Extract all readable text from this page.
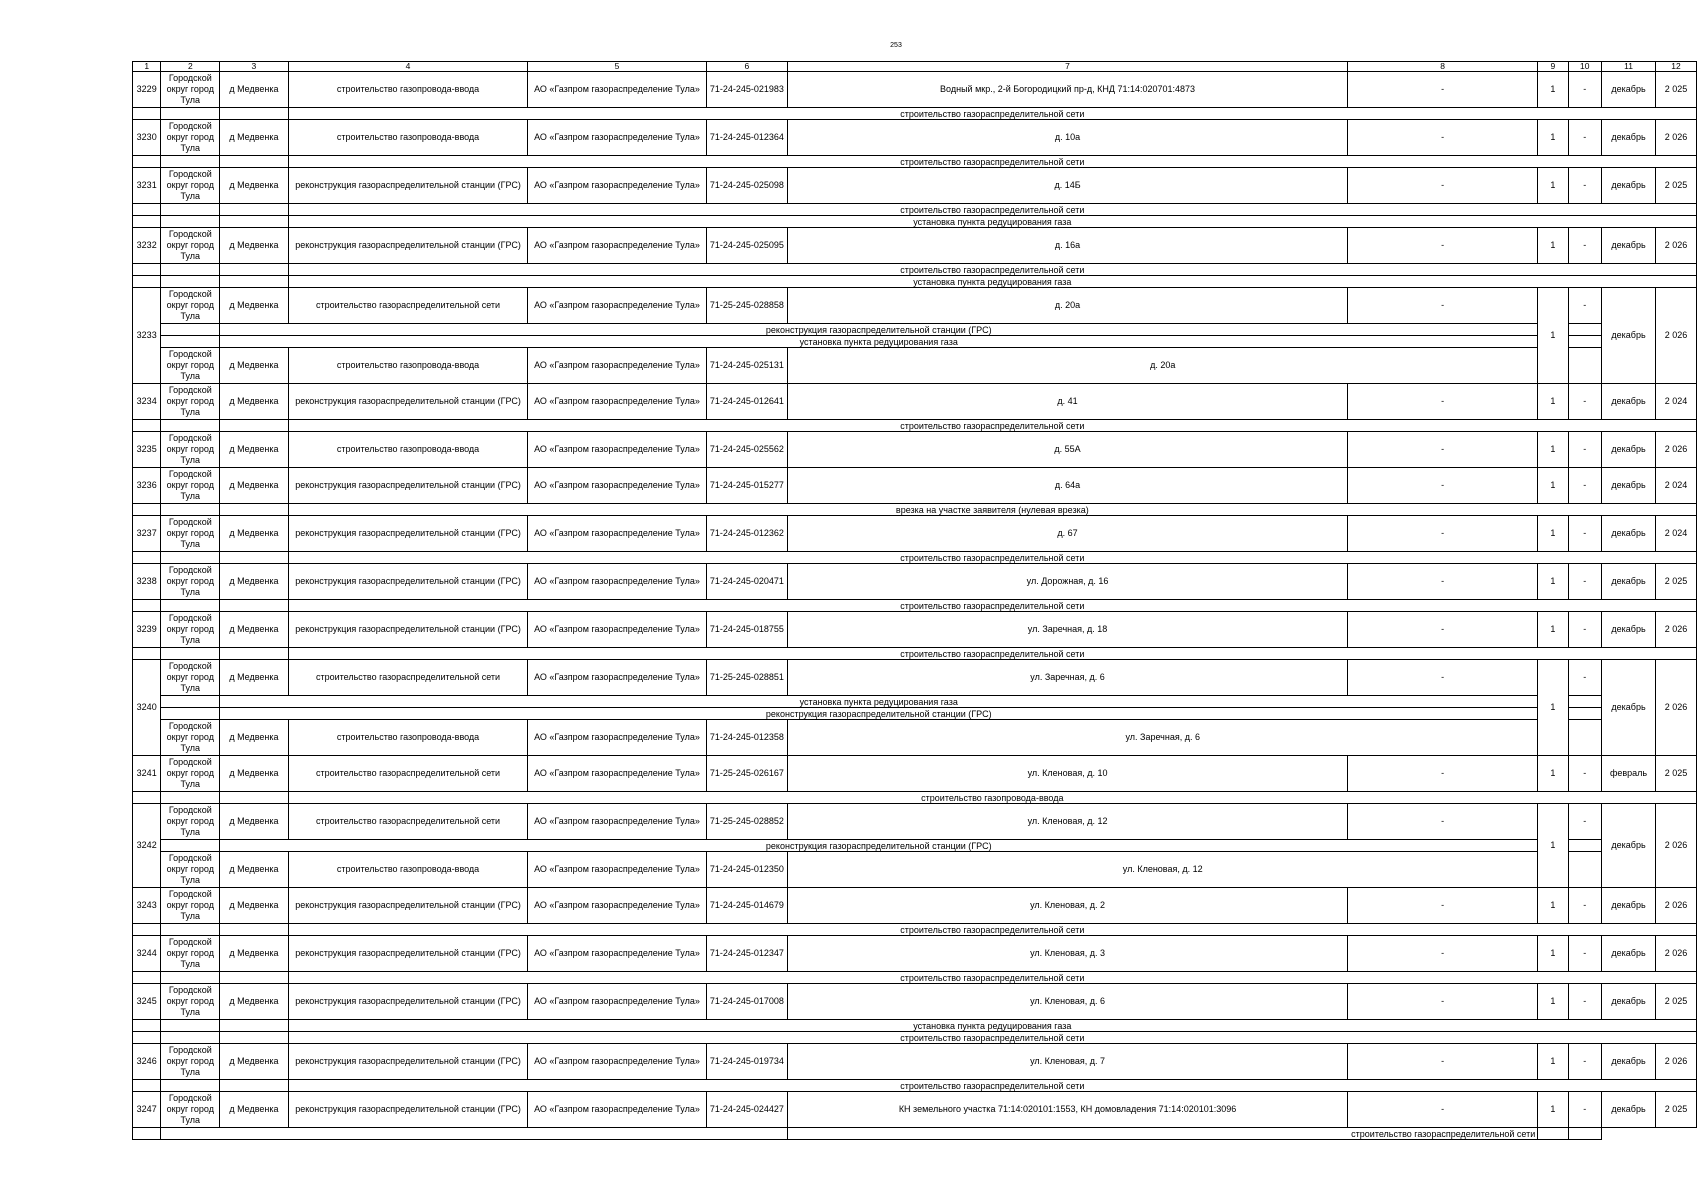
253
1	2	3	4	5	6	7	8	9	10	11	12
3229	Городской округ город Тула	д Медвенка	строительство газопровода-ввода	АО «Газпром газораспределение Тула»	71-24-245-021983	Водный мкр., 2-й Богородицкий пр-д, КНД 71:14:020701:4873	-	1	-	декабрь	2 025
			строительство газораспределительной сети								
3230	Городской округ город Тула	д Медвенка	строительство газопровода-ввода	АО «Газпром газораспределение Тула»	71-24-245-012364	д. 10а	-	1	-	декабрь	2 026
			строительство газораспределительной сети								
3231	Городской округ город Тула	д Медвенка	реконструкция газораспределительной станции (ГРС)	АО «Газпром газораспределение Тула»	71-24-245-025098	д. 14Б	-	1	-	декабрь	2 025
			строительство газораспределительной сети								
			установка пункта редуцирования газа								
3232	Городской округ город Тула	д Медвенка	реконструкция газораспределительной станции (ГРС)	АО «Газпром газораспределение Тула»	71-24-245-025095	д. 16а	-	1	-	декабрь	2 026
			строительство газораспределительной сети								
			установка пункта редуцирования газа								
3233	Городской округ город Тула	д Медвенка	строительство газораспределительной сети	АО «Газпром газораспределение Тула»	71-25-245-028858	д. 20а	-	1	-	декабрь	2 026
		реконструкция газораспределительной станции (ГРС)									
		установка пункта редуцирования газа									
	Городской округ город Тула	д Медвенка	строительство газопровода-ввода	АО «Газпром газораспределение Тула»	71-24-245-025131	д. 20а					
3234	Городской округ город Тула	д Медвенка	реконструкция газораспределительной станции (ГРС)	АО «Газпром газораспределение Тула»	71-24-245-012641	д. 41	-	1	-	декабрь	2 024
			строительство газораспределительной сети								
3235	Городской округ город Тула	д Медвенка	строительство газопровода-ввода	АО «Газпром газораспределение Тула»	71-24-245-025562	д. 55А	-	1	-	декабрь	2 026
3236	Городской округ город Тула	д Медвенка	реконструкция газораспределительной станции (ГРС)	АО «Газпром газораспределение Тула»	71-24-245-015277	д. 64а	-	1	-	декабрь	2 024
			врезка на участке заявителя (нулевая врезка)								
3237	Городской округ город Тула	д Медвенка	реконструкция газораспределительной станции (ГРС)	АО «Газпром газораспределение Тула»	71-24-245-012362	д. 67	-	1	-	декабрь	2 024
			строительство газораспределительной сети								
3238	Городской округ город Тула	д Медвенка	реконструкция газораспределительной станции (ГРС)	АО «Газпром газораспределение Тула»	71-24-245-020471	ул. Дорожная, д. 16	-	1	-	декабрь	2 025
			строительство газораспределительной сети								
3239	Городской округ город Тула	д Медвенка	реконструкция газораспределительной станции (ГРС)	АО «Газпром газораспределение Тула»	71-24-245-018755	ул. Заречная, д. 18	-	1	-	декабрь	2 026
			строительство газораспределительной сети								
3240	Городской округ город Тула	д Медвенка	строительство газораспределительной сети	АО «Газпром газораспределение Тула»	71-25-245-028851	ул. Заречная, д. 6	-	1	-	декабрь	2 026
		установка пункта редуцирования газа									
		реконструкция газораспределительной станции (ГРС)									
	Городской округ город Тула	д Медвенка	строительство газопровода-ввода	АО «Газпром газораспределение Тула»	71-24-245-012358	ул. Заречная, д. 6					
3241	Городской округ город Тула	д Медвенка	строительство газораспределительной сети	АО «Газпром газораспределение Тула»	71-25-245-026167	ул. Кленовая, д. 10	-	1	-	февраль	2 025
			строительство газопровода-ввода								
3242	Городской округ город Тула	д Медвенка	строительство газораспределительной сети	АО «Газпром газораспределение Тула»	71-25-245-028852	ул. Кленовая, д. 12	-	1	-	декабрь	2 026
		реконструкция газораспределительной станции (ГРС)									
	Городской округ город Тула	д Медвенка	строительство газопровода-ввода	АО «Газпром газораспределение Тула»	71-24-245-012350	ул. Кленовая, д. 12					
3243	Городской округ город Тула	д Медвенка	реконструкция газораспределительной станции (ГРС)	АО «Газпром газораспределение Тула»	71-24-245-014679	ул. Кленовая, д. 2	-	1	-	декабрь	2 026
			строительство газораспределительной сети								
3244	Городской округ город Тула	д Медвенка	реконструкция газораспределительной станции (ГРС)	АО «Газпром газораспределение Тула»	71-24-245-012347	ул. Кленовая, д. 3	-	1	-	декабрь	2 026
			строительство газораспределительной сети								
3245	Городской округ город Тула	д Медвенка	реконструкция газораспределительной станции (ГРС)	АО «Газпром газораспределение Тула»	71-24-245-017008	ул. Кленовая, д. 6	-	1	-	декабрь	2 025
			установка пункта редуцирования газа								
			строительство газораспределительной сети								
3246	Городской округ город Тула	д Медвенка	реконструкция газораспределительной станции (ГРС)	АО «Газпром газораспределение Тула»	71-24-245-019734	ул. Кленовая, д. 7	-	1	-	декабрь	2 026
			строительство газораспределительной сети								
3247	Городской округ город Тула	д Медвенка	реконструкция газораспределительной станции (ГРС)	АО «Газпром газораспределение Тула»	71-24-245-024427	КН земельного участка 71:14:020101:1553, КН домовладения 71:14:020101:3096	-	1	-	декабрь	2 025
						строительство газораспределительной сети					
